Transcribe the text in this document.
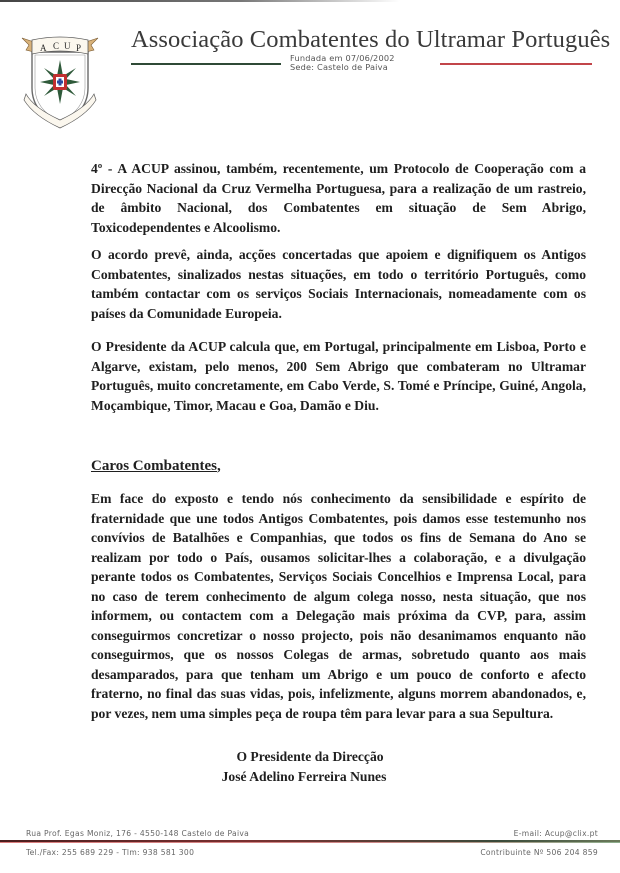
A C U P Associação Combatentes do Ultramar Português
Fundada em 07/06/2002
Sede: Castelo de Paiva

4º - A ACUP assinou, também, recentemente, um Protocolo de Cooperação com a Direcção Nacional da Cruz Vermelha Portuguesa, para a realização de um rastreio, de âmbito Nacional, dos Combatentes em situação de Sem Abrigo, Toxicodependentes e Alcoolismo.

O acordo prevê, ainda, acções concertadas que apoiem e dignifiquem os Antigos Combatentes, sinalizados nestas situações, em todo o território Português, como também contactar com os serviços Sociais Internacionais, nomeadamente com os países da Comunidade Europeia.

O Presidente da ACUP calcula que, em Portugal, principalmente em Lisboa, Porto e Algarve, existam, pelo menos, 200 Sem Abrigo que combateram no Ultramar Português, muito concretamente, em Cabo Verde, S. Tomé e Príncipe, Guiné, Angola, Moçambique, Timor, Macau e Goa, Damão e Diu.

Caros Combatentes,

Em face do exposto e tendo nós conhecimento da sensibilidade e espírito de fraternidade que une todos Antigos Combatentes, pois damos esse testemunho nos convívios de Batalhões e Companhias, que todos os fins de Semana do Ano se realizam por todo o País, ousamos solicitar-lhes a colaboração, e a divulgação perante todos os Combatentes, Serviços Sociais Concelhios e Imprensa Local, para no caso de terem conhecimento de algum colega nosso, nesta situação, que nos informem, ou contactem com a Delegação mais próxima da CVP, para, assim conseguirmos concretizar o nosso projecto, pois não desanimamos enquanto não conseguirmos, que os nossos Colegas de armas, sobretudo quanto aos mais desamparados, para que tenham um Abrigo e um pouco de conforto e afecto fraterno, no final das suas vidas, pois, infelizmente, alguns morrem abandonados, e, por vezes, nem uma simples peça de roupa têm para levar para a sua Sepultura.

O Presidente da Direcção
José Adelino Ferreira Nunes
Rua Prof. Egas Moniz, 176 - 4550-148 Castelo de Paiva	E-mail: Acup@clix.pt
Tel./Fax: 255 689 229 - Tlm: 938 581 300	Contribuinte Nº 506 204 859
